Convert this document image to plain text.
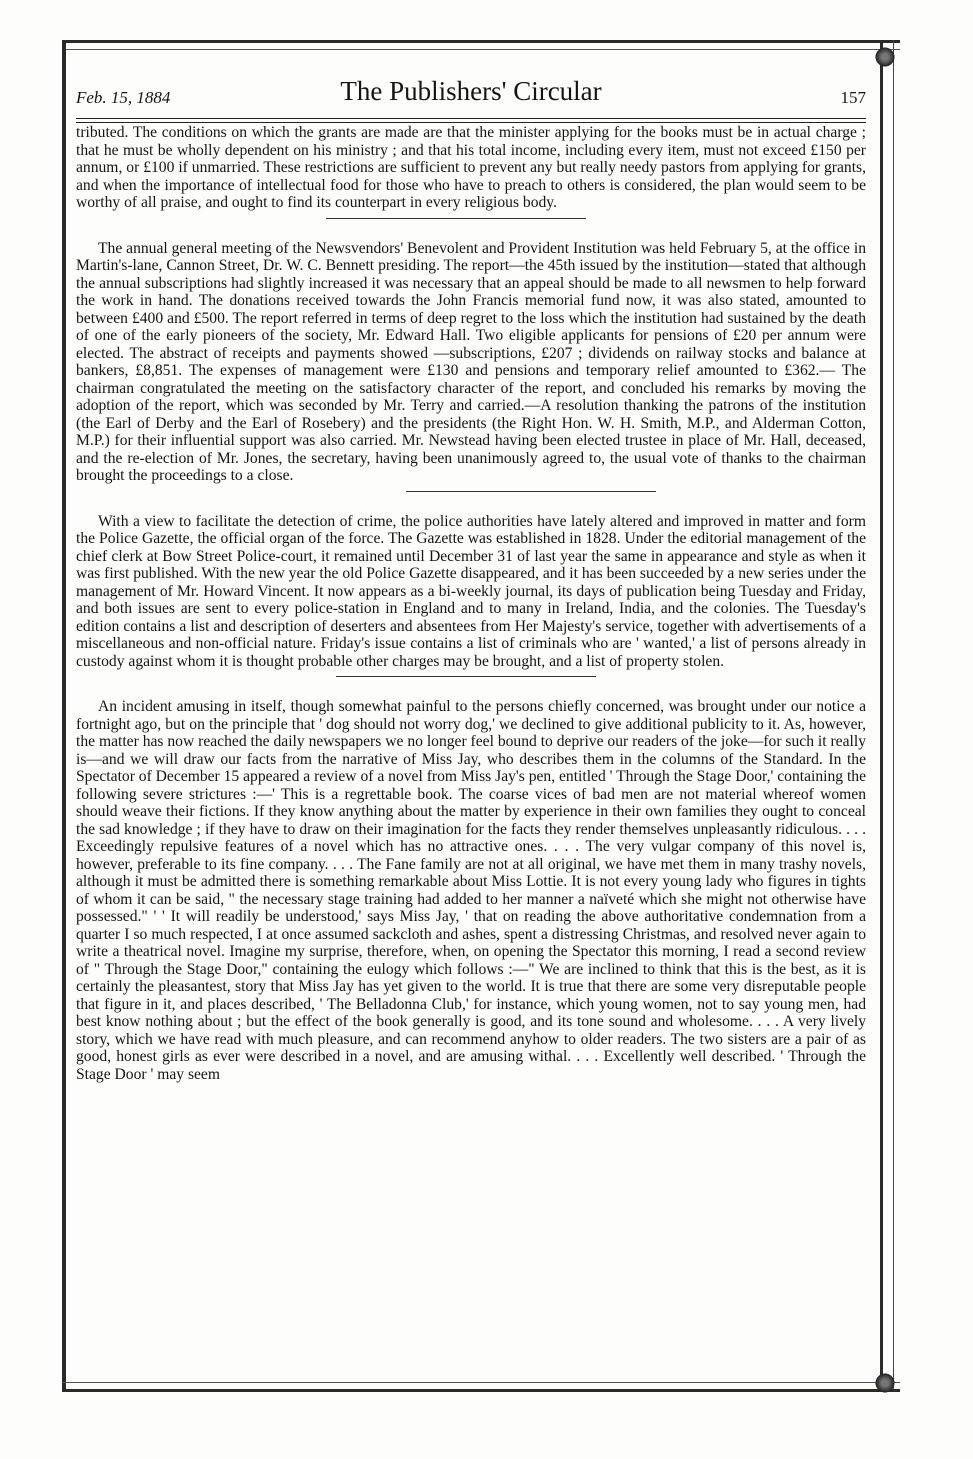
Feb. 15, 1884	The Publishers' Circular	157

tributed. The conditions on which the grants are made are that the minister applying for the books must be in actual charge ; that he must be wholly dependent on his ministry ; and that his total income, including every item, must not exceed £150 per annum, or £100 if unmarried. These restrictions are sufficient to prevent any but really needy pastors from applying for grants, and when the importance of intellectual food for those who have to preach to others is considered, the plan would seem to be worthy of all praise, and ought to find its counterpart in every religious body.

The annual general meeting of the Newsvendors' Benevolent and Provident Institution was held February 5, at the office in Martin's-lane, Cannon Street, Dr. W. C. Bennett presiding. The report—the 45th issued by the institution—stated that although the annual subscriptions had slightly increased it was necessary that an appeal should be made to all newsmen to help forward the work in hand. The donations received towards the John Francis memorial fund now, it was also stated, amounted to between £400 and £500. The report referred in terms of deep regret to the loss which the institution had sustained by the death of one of the early pioneers of the society, Mr. Edward Hall. Two eligible applicants for pensions of £20 per annum were elected. The abstract of receipts and payments showed —subscriptions, £207 ; dividends on railway stocks and balance at bankers, £8,851. The expenses of management were £130 and pensions and temporary relief amounted to £362.— The chairman congratulated the meeting on the satisfactory character of the report, and concluded his remarks by moving the adoption of the report, which was seconded by Mr. Terry and carried.—A resolution thanking the patrons of the institution (the Earl of Derby and the Earl of Rosebery) and the presidents (the Right Hon. W. H. Smith, M.P., and Alderman Cotton, M.P.) for their influential support was also carried. Mr. Newstead having been elected trustee in place of Mr. Hall, deceased, and the re-election of Mr. Jones, the secretary, having been unanimously agreed to, the usual vote of thanks to the chairman brought the proceedings to a close.

With a view to facilitate the detection of crime, the police authorities have lately altered and improved in matter and form the Police Gazette, the official organ of the force. The Gazette was established in 1828. Under the editorial management of the chief clerk at Bow Street Police-court, it remained until December 31 of last year the same in appearance and style as when it was first published. With the new year the old Police Gazette disappeared, and it has been succeeded by a new series under the management of Mr. Howard Vincent. It now appears as a bi-weekly journal, its days of publication being Tuesday and Friday, and both issues are sent to every police-station in England and to many in Ireland, India, and the colonies. The Tuesday's edition contains a list and description of deserters and absentees from Her Majesty's service, together with advertisements of a miscellaneous and non-official nature. Friday's issue contains a list of criminals who are ' wanted,' a list of persons already in custody against whom it is thought probable other charges may be brought, and a list of property stolen.

An incident amusing in itself, though somewhat painful to the persons chiefly concerned, was brought under our notice a fortnight ago, but on the principle that ' dog should not worry dog,' we declined to give additional publicity to it. As, however, the matter has now reached the daily newspapers we no longer feel bound to deprive our readers of the joke—for such it really is—and we will draw our facts from the narrative of Miss Jay, who describes them in the columns of the Standard. In the Spectator of December 15 appeared a review of a novel from Miss Jay's pen, entitled ' Through the Stage Door,' containing the following severe strictures :—' This is a regrettable book. The coarse vices of bad men are not material whereof women should weave their fictions. If they know anything about the matter by experience in their own families they ought to conceal the sad knowledge ; if they have to draw on their imagination for the facts they render themselves unpleasantly ridiculous. . . . Exceedingly repulsive features of a novel which has no attractive ones. . . . The very vulgar company of this novel is, however, preferable to its fine company. . . . The Fane family are not at all original, we have met them in many trashy novels, although it must be admitted there is something remarkable about Miss Lottie. It is not every young lady who figures in tights of whom it can be said, " the necessary stage training had added to her manner a naïveté which she might not otherwise have possessed." ' ' It will readily be understood,' says Miss Jay, ' that on reading the above authoritative condemnation from a quarter I so much respected, I at once assumed sackcloth and ashes, spent a distressing Christmas, and resolved never again to write a theatrical novel. Imagine my surprise, therefore, when, on opening the Spectator this morning, I read a second review of " Through the Stage Door," containing the eulogy which follows :—" We are inclined to think that this is the best, as it is certainly the pleasantest, story that Miss Jay has yet given to the world. It is true that there are some very disreputable people that figure in it, and places described, ' The Belladonna Club,' for instance, which young women, not to say young men, had best know nothing about ; but the effect of the book generally is good, and its tone sound and wholesome. . . . A very lively story, which we have read with much pleasure, and can recommend anyhow to older readers. The two sisters are a pair of as good, honest girls as ever were described in a novel, and are amusing withal. . . . Excellently well described. ' Through the Stage Door ' may seem
